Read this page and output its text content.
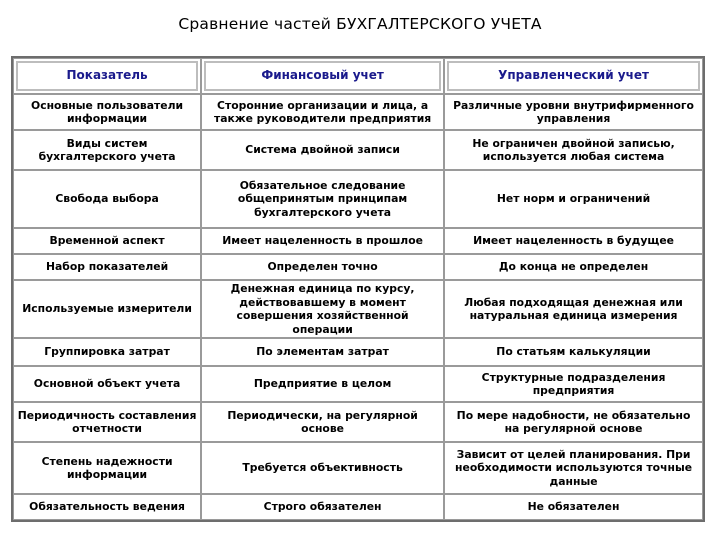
Сравнение частей БУХГАЛТЕРСКОГО УЧЕТА
Показатель	Финансовый учет	Управленческий учет

Основные пользователи информации	Сторонние организации и лица, а также руководители предприятия	Различные уровни внутрифирменного управления
Виды систем бухгалтерского учета	Система двойной записи	Не ограничен двойной записью, используется любая система
Свобода выбора	Обязательное следование общепринятым принципам бухгалтерского учета	Нет норм и ограничений
Временной аспект	Имеет нацеленность в прошлое	Имеет нацеленность в будущее
Набор показателей	Определен точно	До конца не определен
Используемые измерители	Денежная единица по курсу, действовавшему в момент совершения хозяйственной операции	Любая подходящая денежная или натуральная единица измерения
Группировка затрат	По элементам затрат	По статьям калькуляции
Основной объект учета	Предприятие в целом	Структурные подразделения предприятия
Периодичность составления отчетности	Периодически, на регулярной основе	По мере надобности, не обязательно на регулярной основе
Степень надежности информации	Требуется объективность	Зависит от целей планирования. При необходимости используются точные данные
Обязательность ведения	Строго обязателен	Не обязателен
